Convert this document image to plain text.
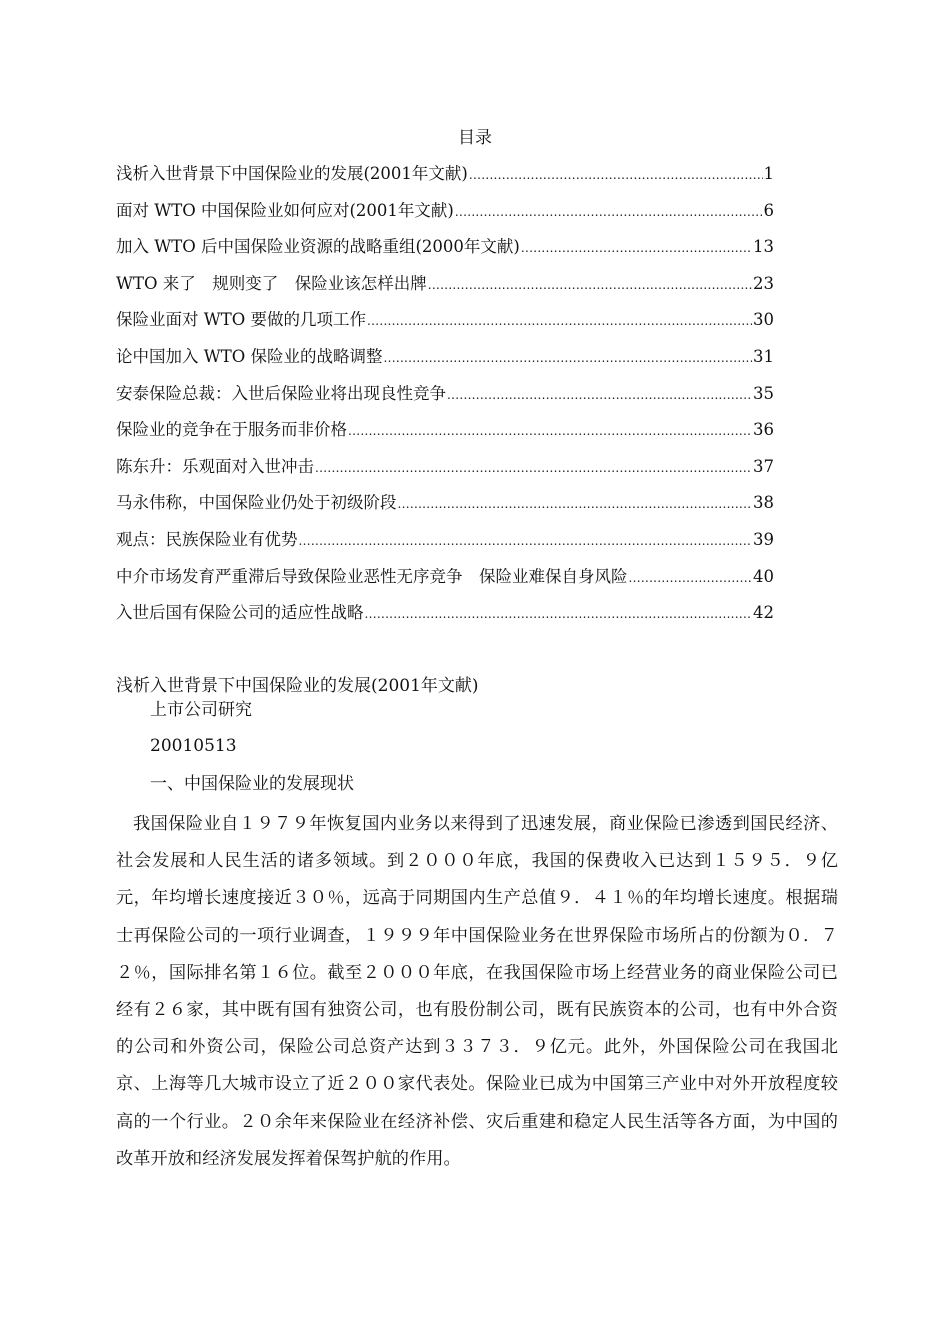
目录
浅析入世背景下中国保险业的发展(2001年文献) .....	1
面对 WTO 中国保险业如何应对(2001年文献) .....	6
加入 WTO 后中国保险业资源的战略重组(2000年文献) .....	13
WTO 来了　规则变了　保险业该怎样出牌 .....	23
保险业面对 WTO 要做的几项工作 .....	30
论中国加入 WTO 保险业的战略调整 .....	31
安泰保险总裁：入世后保险业将出现良性竞争 .....	35
保险业的竞争在于服务而非价格 .....	36
陈东升：乐观面对入世冲击 .....	37
马永伟称，中国保险业仍处于初级阶段 .....	38
观点：民族保险业有优势 .....	39
中介市场发育严重滞后导致保险业恶性无序竞争　保险业难保自身风险 .....	40
入世后国有保险公司的适应性战略 .....	42
浅析入世背景下中国保险业的发展(2001年文献)
上市公司研究
20010513
一、中国保险业的发展现状

我国保险业自１９７９年恢复国内业务以来得到了迅速发展，商业保险已渗透到国民经济、社会发展和人民生活的诸多领域。到２０００年底，我国的保费收入已达到１５９５．９亿元，年均增长速度接近３０％，远高于同期国内生产总值９．４１％的年均增长速度。根据瑞士再保险公司的一项行业调查，１９９９年中国保险业务在世界保险市场所占的份额为０．７２％，国际排名第１６位。截至２０００年底，在我国保险市场上经营业务的商业保险公司已经有２６家，其中既有国有独资公司，也有股份制公司，既有民族资本的公司，也有中外合资的公司和外资公司，保险公司总资产达到３３７３．９亿元。此外，外国保险公司在我国北京、上海等几大城市设立了近２００家代表处。保险业已成为中国第三产业中对外开放程度较高的一个行业。２０余年来保险业在经济补偿、灾后重建和稳定人民生活等各方面，为中国的改革开放和经济发展发挥着保驾护航的作用。
